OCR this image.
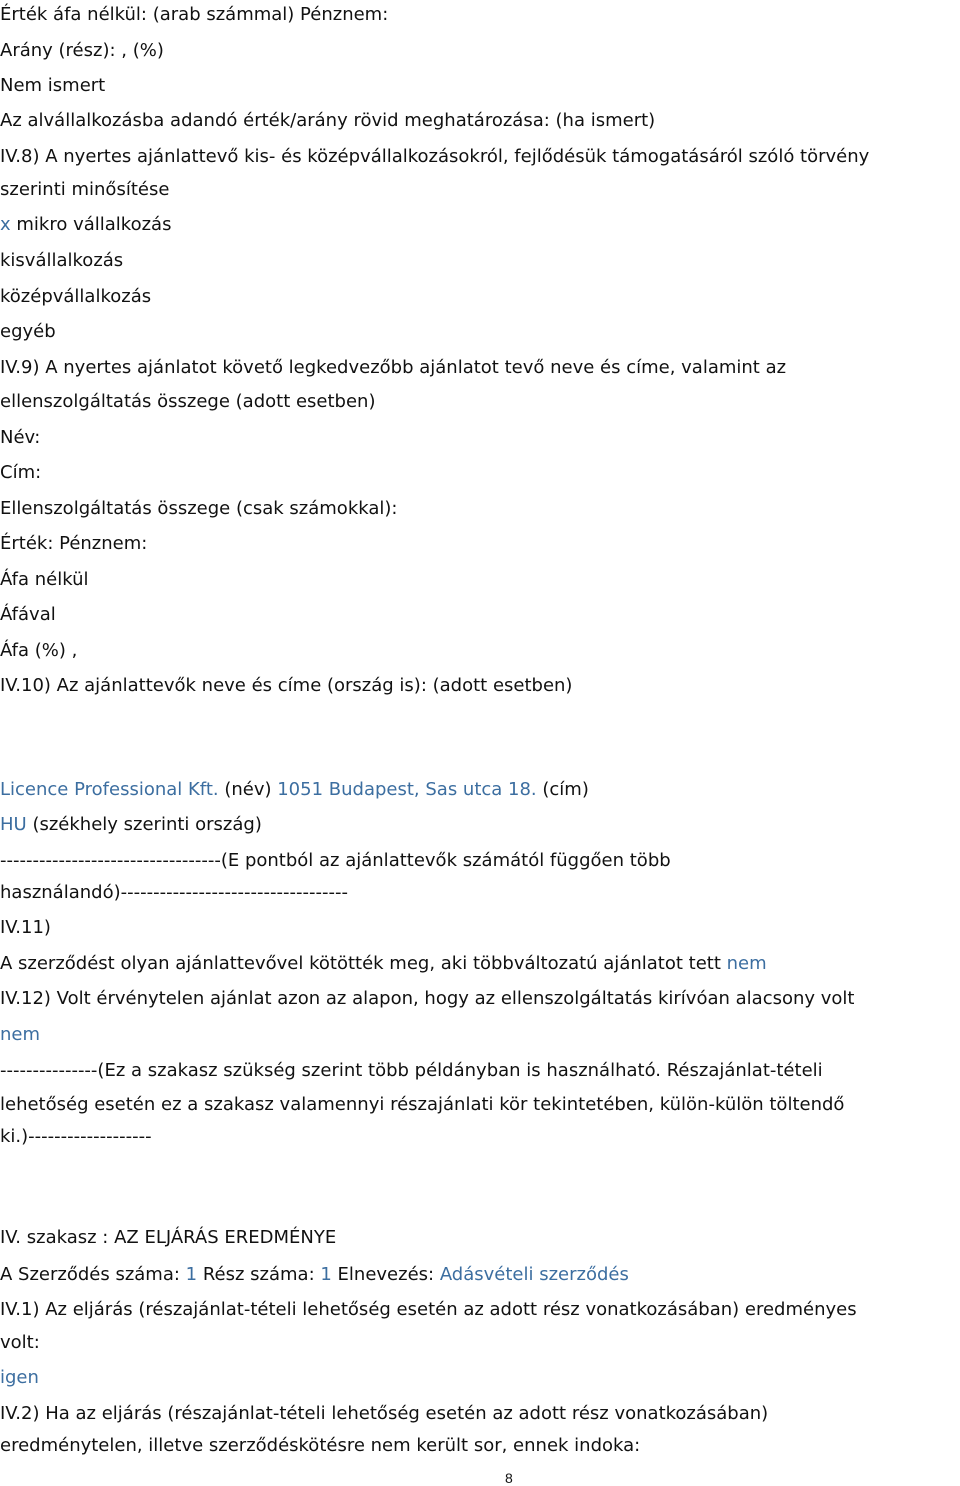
Érték áfa nélkül: (arab számmal) Pénznem:
Arány (rész): , (%)
Nem ismert
Az alvállalkozásba adandó érték/arány rövid meghatározása: (ha ismert)
IV.8) A nyertes ajánlattevő kis- és középvállalkozásokról, fejlődésük támogatásáról szóló törvény
szerinti minősítése
x mikro vállalkozás
kisvállalkozás
középvállalkozás
egyéb
IV.9) A nyertes ajánlatot követő legkedvezőbb ajánlatot tevő neve és címe, valamint az
ellenszolgáltatás összege (adott esetben)
Név:
Cím:
Ellenszolgáltatás összege (csak számokkal):
Érték: Pénznem:
Áfa nélkül
Áfával
Áfa (%) ,
IV.10) Az ajánlattevők neve és címe (ország is): (adott esetben)
Licence Professional Kft. (név) 1051 Budapest, Sas utca 18. (cím)
HU (székhely szerinti ország)
----------------------------------(E pontból az ajánlattevők számától függően több
használandó)-----------------------------------
IV.11)
A szerződést olyan ajánlattevővel kötötték meg, aki többváltozatú ajánlatot tett nem
IV.12) Volt érvénytelen ajánlat azon az alapon, hogy az ellenszolgáltatás kirívóan alacsony volt
nem
---------------(Ez a szakasz szükség szerint több példányban is használható. Részajánlat-tételi
lehetőség esetén ez a szakasz valamennyi részajánlati kör tekintetében, külön-külön töltendő
ki.)-------------------
IV. szakasz : AZ ELJÁRÁS EREDMÉNYE
A Szerződés száma: 1 Rész száma: 1 Elnevezés: Adásvételi szerződés
IV.1) Az eljárás (részajánlat-tételi lehetőség esetén az adott rész vonatkozásában) eredményes
volt:
igen
IV.2) Ha az eljárás (részajánlat-tételi lehetőség esetén az adott rész vonatkozásában)
eredménytelen, illetve szerződéskötésre nem került sor, ennek indoka:
8
